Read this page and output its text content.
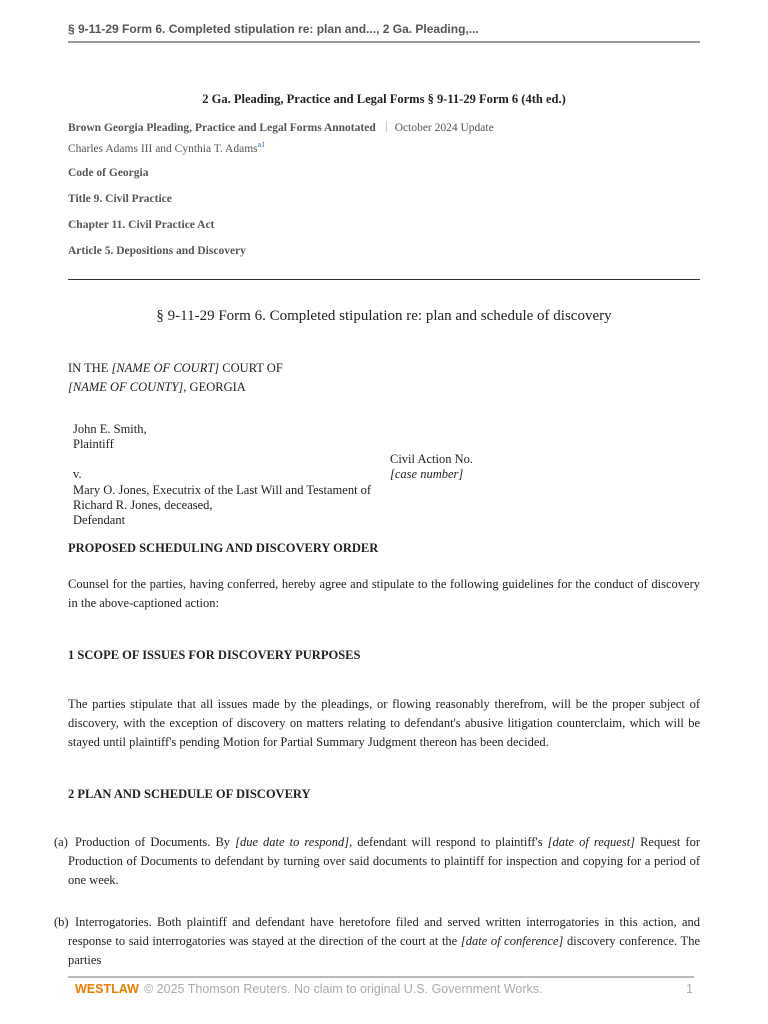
§ 9-11-29 Form 6. Completed stipulation re: plan and..., 2 Ga. Pleading,...
2 Ga. Pleading, Practice and Legal Forms § 9-11-29 Form 6 (4th ed.)
Brown Georgia Pleading, Practice and Legal Forms Annotated October 2024 Update
Charles Adams III and Cynthia T. Adams$^{a1}$
Code of Georgia
Title 9. Civil Practice
Chapter 11. Civil Practice Act
Article 5. Depositions and Discovery
§ 9-11-29 Form 6. Completed stipulation re: plan and schedule of discovery
IN THE [NAME OF COURT] COURT OF
[NAME OF COUNTY], GEORGIA
John E. Smith,
Plaintiff
Civil Action No.
v.	[case number]
Mary O. Jones, Executrix of the Last Will and Testament of
Richard R. Jones, deceased,
Defendant
PROPOSED SCHEDULING AND DISCOVERY ORDER
Counsel for the parties, having conferred, hereby agree and stipulate to the following guidelines for the conduct of discovery in the above-captioned action:
1 SCOPE OF ISSUES FOR DISCOVERY PURPOSES
The parties stipulate that all issues made by the pleadings, or flowing reasonably therefrom, will be the proper subject of discovery, with the exception of discovery on matters relating to defendant's abusive litigation counterclaim, which will be stayed until plaintiff's pending Motion for Partial Summary Judgment thereon has been decided.
2 PLAN AND SCHEDULE OF DISCOVERY
(a) Production of Documents. By [due date to respond], defendant will respond to plaintiff's [date of request] Request for Production of Documents to defendant by turning over said documents to plaintiff for inspection and copying for a period of one week.
(b) Interrogatories. Both plaintiff and defendant have heretofore filed and served written interrogatories in this action, and response to said interrogatories was stayed at the direction of the court at the [date of conference] discovery conference. The parties
WESTLAW © 2025 Thomson Reuters. No claim to original U.S. Government Works.	1
